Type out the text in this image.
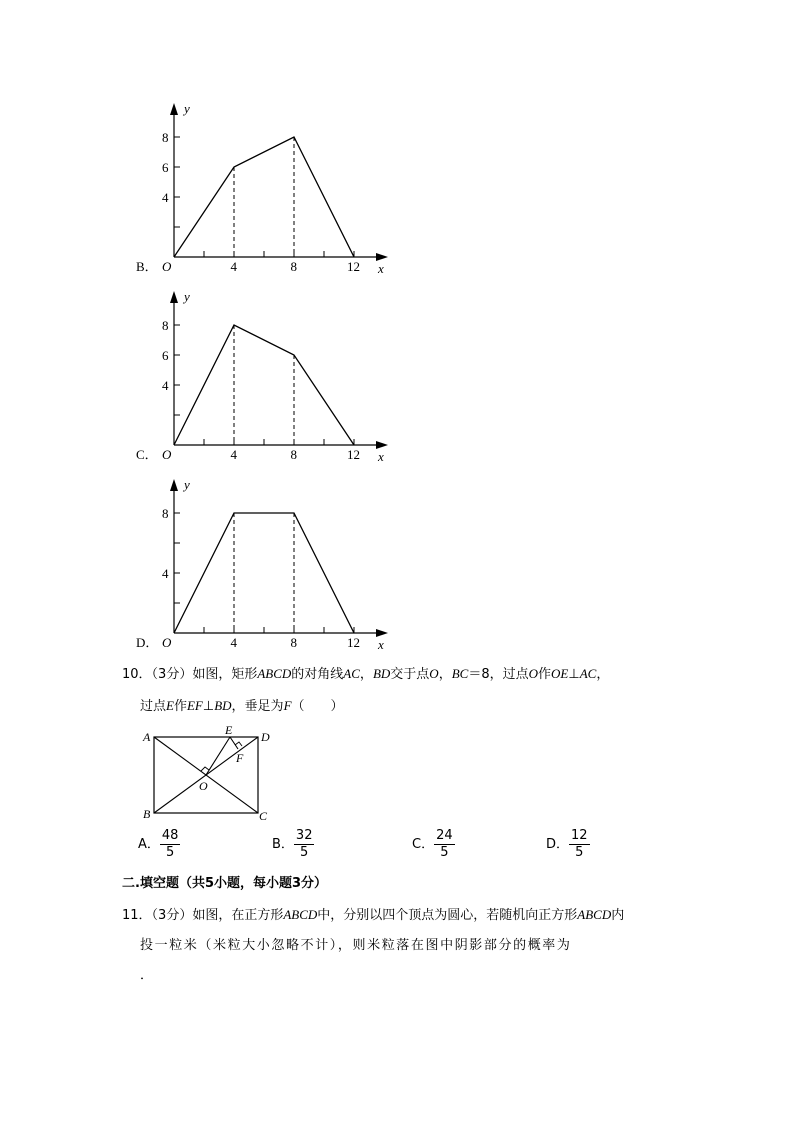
B． O	x
y
4	8	12
8
6
4
C． O	x
y
4	8	12
8
6
4
D． O	x
y
4	8	12
8
4
10．（3分）如图，矩形ABCD的对角线AC，BD交于点O，BC＝8，过点O作OE⊥AC，
过点E作EF⊥BD，垂足为F（　　）
A	D
B	C
E
F
O
A． $\frac{48}{5}$	B． $\frac{32}{5}$	C． $\frac{24}{5}$	D． $\frac{12}{5}$
二.填空题（共5小题，每小题3分）
11．（3分）如图，在正方形ABCD中，分别以四个顶点为圆心，若随机向正方形ABCD内
投一粒米（米粒大小忽略不计），则米粒落在图中阴影部分的概率为
．
